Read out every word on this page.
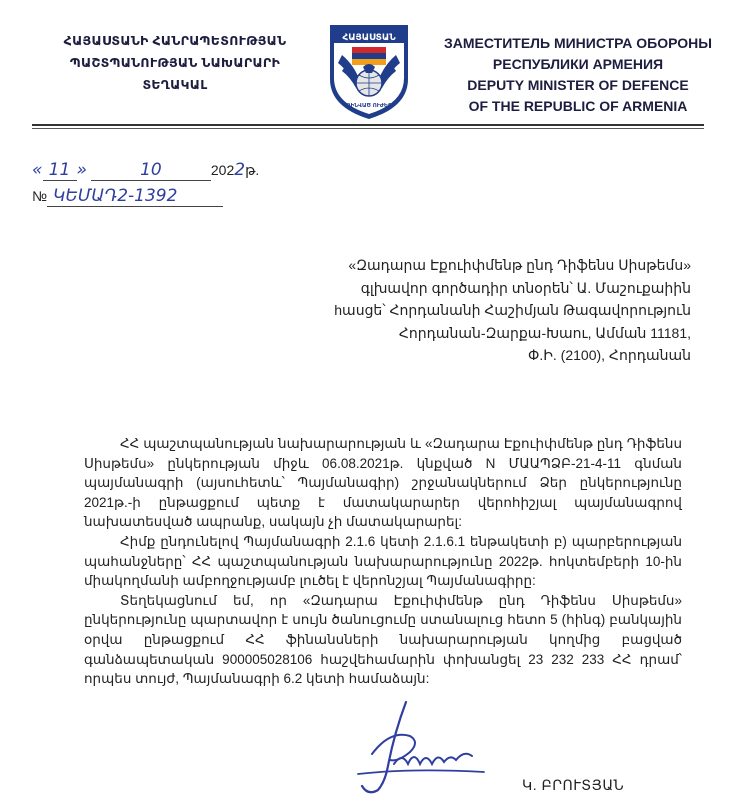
ՀԱՅԱՍՏԱՆԻ ՀԱՆՐԱՊԵՏՈՒԹՅԱՆ
ՊԱՇՏՊԱՆՈՒԹՅԱՆ ՆԱԽԱՐԱՐԻ
ՏԵՂԱԿԱԼ
ՀԱՅԱՍՏԱՆ
ԶԻՆՎԱԾ ՈՒԺԵՐ
ЗАМЕСТИТЕЛЬ МИНИСТРА ОБОРОНЫ
РЕСПУБЛИКИ АРМЕНИЯ
DEPUTY MINISTER OF DEFENCE
OF THE REPUBLIC OF ARMENIA
« 11 »	10	2022թ.
№ ԿԵՄԱԴ2-1392
«Զադարա Էքուիփմենթ ընդ Դիֆենս Սիսթեմս»
գլխավոր գործադիր տնօրեն՝ Ա. Մաշուքաիին
hասցե՝ Հորդանանի Հաշիմյան Թագավորություն
Հորդանան-Զարքա-Խաու, Ամման 11181,
Փ.Ի. (2100), Հորդանան

ՀՀ պաշտպանության նախարարության և «Զադարա Էքուիփմենթ ընդ Դիֆենս Սիսթեմս» ընկերության միջև 06.08.2021թ. կնքված N ՄԱԱՊՁԲ-21-4-11 գնման պայմանագրի (այսուհետև՝ Պայմանագիր) շրջանակներում Ձեր ընկերությունը 2021թ.-ի ընթացքում պետք է մատակարարեր վերոհիշյալ պայմանագրով նախատեսված ապրանք, սակայն չի մատակարարել:

Հիմք ընդունելով Պայմանագրի 2.1.6 կետի 2.1.6.1 ենթակետի բ) պարբերության պահանջները՝ ՀՀ պաշտպանության նախարարությունը 2022թ. հոկտեմբերի 10-ին միակողմանի ամբողջությամբ լուծել է վերոնշյալ Պայմանագիրը:

Տեղեկացնում եմ, որ «Զադարա Էքուիփմենթ ընդ Դիֆենս Սիսթեմս» ընկերությունը պարտավոր է սույն ծանուցումը ստանալուց հետո 5 (հինգ) բանկային օրվա ընթացքում ՀՀ ֆինանսների նախարարության կողմից բացված գանձապետական 900005028106 հաշվեհամարին փոխանցել 23 232 233 ՀՀ դրամ՝ որպես տույժ, Պայմանագրի 6.2 կետի համաձայն:

Կ. ԲՐՈՒՏՅԱՆ
